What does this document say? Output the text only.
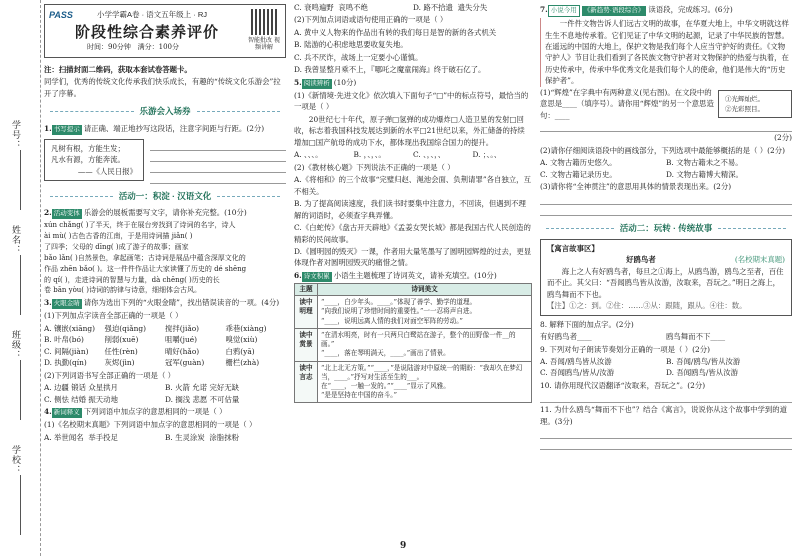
学号：
姓名：
班级：
学校：
PASS	小学学霸A卷 · 语文五年级上 · RJ
阶段性综合素养评价
时间：90分钟 满分：100分
智能批改 视频讲解
注：扫描封面二维码，获取本套试卷答题卡。
同学们，优秀的传统文化传承我们快乐成长，有趣的“传统文化乐游会”拉开了序幕。
乐游会入场券
1. 书写提示 请正确、端正地抄写这段话，注意字间距与行距。(2分)
凡树有根，方能生发；
凡水有源，方能奔流。
——《人民日报》
活动一：积淀 · 汉语文化
2. 活动变体 乐游会的展板需要写文字，请你补充完整。(10分)
xún chǎng( )了半天，终于在展台旁找到了诗词的名字，诗人
ài mù( )古色古香的江南，于是用诗词描 jiǎn( )
了四季；父母的 dīng( )成了游子的故事；画家
bǎo lǎn( )自然景色，拿起画笔；古诗词是展品中蕴含深厚文化的
作品 zhēn bǎo( )。这一件件作品让大家读懂了历史的 dé shēng
的 qí( )，走进诗词的智慧与力量，dà chēng( )历史的长
卷 bān yòu( )诗词的韵律与诗意，细细体会古风。
3. 火眼金睛 请你为选出下列的“火眼金睛”，找出错误读音的一项。(4分)
(1)下列加点字读音全部正确的一项是（ ）
A. 镶嵌(xiāng)	强迫(qiǎng)	搅拌(jiǎo)	乖巷(xiàng)
B. 叶帛(bó)	削弱(xuē)	咀嚼(jué)	嗅觉(xiù)
C. 间隔(jiàn)	任性(rèn)	晴好(hǎo)	白鸦(yā)
D. 执勤(qín)	灰烬(jìn)	冠军(guàn)	栅栏(zhà)
(2)下列词语书写全部正确的一项是（ ）
A. 边疆 锻话 众星拱月	B. 火箭 允诺 完好无缺
C. 侧怯 结婚 振天动地	D. 搁浅 悲愿 不可估量
4. 新词释义 下列词语中加点字的意思相同的一项是（ ）
(1)《名校期末真题》下列词语中加点字的意思相同的一项是（ ）
A. 举世闻名 举手投足	B. 生灵涂炭 涂脂抹粉
C. 衰鸣遍野 哀鸣不绝	D. 路不拾遗 遗失分失
(2)下列加点词语或语句使用正确的一项是（ ）
A. 黄中义人物来的作品出有转的我们每日是智的新的各式机关
B. 陆游的心积虑地思要收复失地。
C. 兵不厌诈，战场上一定要小心谨慎。
D. 我曾显整月乘不上，『哪吒之魔童闹海』终于破石亿了。
5. 阅读辨析 (10分)
(1)《新情境·先进文化》依次填入下面句子“□”中的标点符号，最恰当的一项是（ ）
20世纪七十年代，原子弹□氢弹的成功爆炸□人造卫星的发射□回收，标志着我国科技发展达到新的水平□21世纪以来，外汇储备的持续增加□国产航母的成功下水，都体现出我国综合国力的提升。
A. 、、、。	B. ，、，、。	C. 、，、，、	D. ；、。、
(2)《教材核心题》下列说法不正确的一项是（ ）
A.《将相和》的三个故事“完璧归赵、渑池会面、负荆请罪”各自独立，互不相关。
B. 为了提高阅读速度，我们读书时要集中注意力，不回读，但遇到不理解的词语时，必须查字典弄懂。
C.《白蛇传》《盘古开天辟地》《孟姜女哭长城》都是我国古代人民创造的精彩的民间故事。
D.《圆明园的毁灭》一课，作者用大量笔墨写了圆明园辉煌的过去，更显体现作者对圆明园毁灭的痛惜之情。
6. 诗文积累 小语生主题梳理了诗词英文，请补充填空。(10分)
主题	诗词美文
读中明理	“____，白少年头。____。”体现了善学、勤学的道理。
“向我们说明了珍惜时间的重要性。”一一忍将声自进。
“____，说明远离人情的我们对面空军阵的劳动。”

读中赏景	“在清水明亮，时有一只两只白鹭站在游子，整个的田野像一件__的画。”
“____，落在琴明满天，____。”画出了情景。

读中言志	“北上北无方策。”“____，”是说陆游对中原统一的期盼：“我却久在梦幻当，____。”抒写对生活至生的___。
在“____，一触一发的。”“____”显示了风雅。
“是是坚持在中国的奋斗。”
7. 小说今用 《新趋势·语段综合》 读语段，完成练习。(6分)
一件件文物告诉人们远古文明的故事，在华夏大地上，中华文明就这样生生不息地传承着。它们见证了中华文明的起源，记录了中华民族的智慧。在遥远的中国的大地上，保护文物是我们每个人应当守护好的责任。《文物守护人》节目让我们看到了各民族文物守护者对文物保护的热爱与执着，在历史传承中，传承中华优秀文化是我们每个人的使命，他们是伟大的“历史保护者”。
(1)“辉煌”在字典中有两种意义(见右图)。在文段中的意思是____（填序号）。请你用“辉煌”的另一个意思造句：____
①光辉灿烂。
②光彩照目。
(2分)
(2)请你仔细阅读语段中的画线部分，下列选项中最能够概括的是（ ）(2分)
A. 文物古籍历史悠久。	B. 文物古籍未之不易。
C. 文物古籍记录历史。	D. 文物古籍博大精深。
(3)请你将“全神贯注”的意思用具体的情景表现出来。(2分)
活动二：玩转 · 传统故事
【寓言故事区】
好鸥鸟者	(名校期末真题)
海上之人有好鸥鸟者，每旦之①海上，从鸥鸟游，鸥鸟之至者，百住而不止。其父曰：“吾闻鸥鸟皆从汝游，汝取来，吾玩之。”明日之海上，鸥鸟舞而不下也。
【注】①之：到。②住：……③从：跟随，跟从。④往：数。
8. 解释下面的加点字。(2分)
有好鸥鸟者____	鸥鸟舞而不下____
9. 下列对句子朗读节奏划分正确的一项是（ ）(2分)
A. 吾闻/鸥鸟皆从汝游	B. 吾闻/鸥鸟/皆从汝游
C. 吾闻鸥鸟/皆从/汝游	D. 吾闻鸥鸟/皆从汝游
10. 请你用现代汉语翻译“汝取来，吾玩之”。(2分)
11. 为什么鸥鸟“舞而不下也”？结合《寓言》，说说你从这个故事中学到的道理。(3分)
9
